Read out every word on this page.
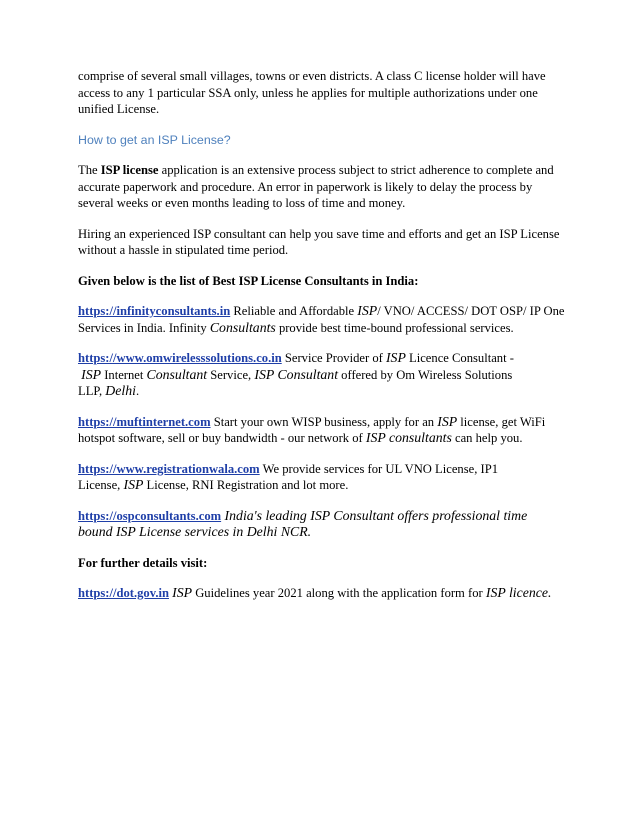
comprise of several small villages, towns or even districts. A class C license holder will have
access to any 1 particular SSA only, unless he applies for multiple authorizations under one
unified License.

How to get an ISP License?

The ISP license application is an extensive process subject to strict adherence to complete and
accurate paperwork and procedure. An error in paperwork is likely to delay the process by
several weeks or even months leading to loss of time and money.

Hiring an experienced ISP consultant can help you save time and efforts and get an ISP License
without a hassle in stipulated time period.

Given below is the list of Best ISP License Consultants in India:

https://infinityconsultants.in Reliable and Affordable ISP/ VNO/ ACCESS/ DOT OSP/ IP One
Services in India. Infinity Consultants provide best time-bound professional services.

https://www.omwirelesssolutions.co.in Service Provider of ISP Licence Consultant -
ISP Internet Consultant Service, ISP Consultant offered by Om Wireless Solutions
LLP, Delhi.

https://muftinternet.com Start your own WISP business, apply for an ISP license, get WiFi
hotspot software, sell or buy bandwidth - our network of ISP consultants can help you.

https://www.registrationwala.com We provide services for UL VNO License, IP1
License, ISP License, RNI Registration and lot more.

https://ospconsultants.com India's leading ISP Consultant offers professional time
bound ISP License services in Delhi NCR.

For further details visit:

https://dot.gov.in ISP Guidelines year 2021 along with the application form for ISP licence.
